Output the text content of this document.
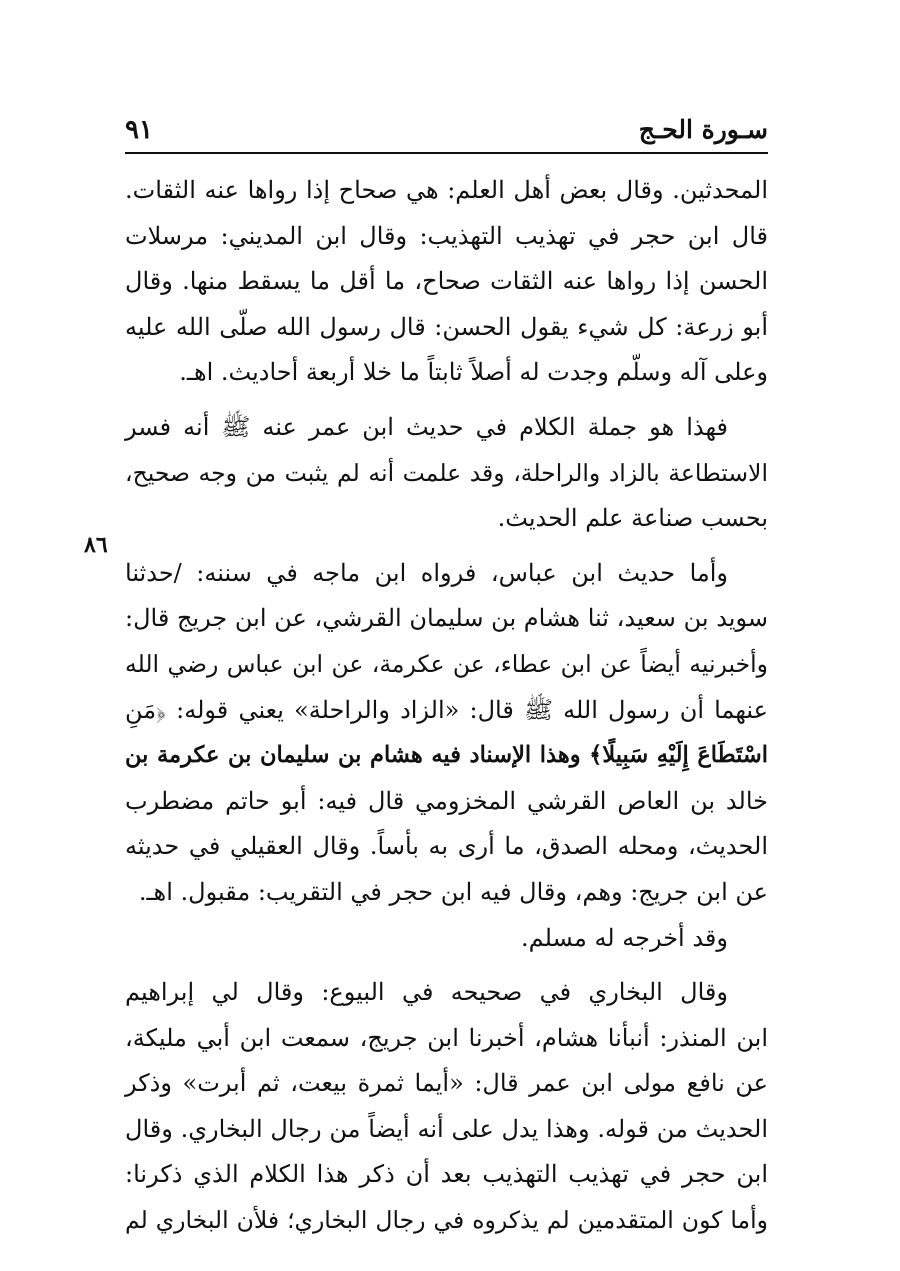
سـورة الحـج
٩١
٨٦
المحدثين. وقال بعض أهل العلم: هي صحاح إذا رواها عنه الثقات.
قال ابن حجر في تهذيب التهذيب: وقال ابن المديني: مرسلات
الحسن إذا رواها عنه الثقات صحاح، ما أقل ما يسقط منها. وقال
أبو زرعة: كل شيء يقول الحسن: قال رسول الله صلّى الله عليه
وعلى آله وسلّم وجدت له أصلاً ثابتاً ما خلا أربعة أحاديث. اهـ.
فهذا هو جملة الكلام في حديث ابن عمر عنه ﷺ أنه فسر
الاستطاعة بالزاد والراحلة، وقد علمت أنه لم يثبت من وجه صحيح،
بحسب صناعة علم الحديث.
وأما حديث ابن عباس، فرواه ابن ماجه في سننه: /حدثنا
سويد بن سعيد، ثنا هشام بن سليمان القرشي، عن ابن جريج قال:
وأخبرنيه أيضاً عن ابن عطاء، عن عكرمة، عن ابن عباس رضي الله
عنهما أن رسول الله ﷺ قال: «الزاد والراحلة» يعني قوله: ﴿مَنِ
اسْتَطَاعَ إِلَيْهِ سَبِيلًا﴾ وهذا الإسناد فيه هشام بن سليمان بن عكرمة بن
خالد بن العاص القرشي المخزومي قال فيه: أبو حاتم مضطرب
الحديث، ومحله الصدق، ما أرى به بأساً. وقال العقيلي في حديثه
عن ابن جريج: وهم، وقال فيه ابن حجر في التقريب: مقبول. اهـ.
وقد أخرجه له مسلم.
وقال البخاري في صحيحه في البيوع: وقال لي إبراهيم
ابن المنذر: أنبأنا هشام، أخبرنا ابن جريج، سمعت ابن أبي مليكة،
عن نافع مولى ابن عمر قال: «أيما ثمرة بيعت، ثم أبرت» وذكر
الحديث من قوله. وهذا يدل على أنه أيضاً من رجال البخاري. وقال
ابن حجر في تهذيب التهذيب بعد أن ذكر هذا الكلام الذي ذكرنا:
وأما كون المتقدمين لم يذكروه في رجال البخاري؛ فلأن البخاري لم
